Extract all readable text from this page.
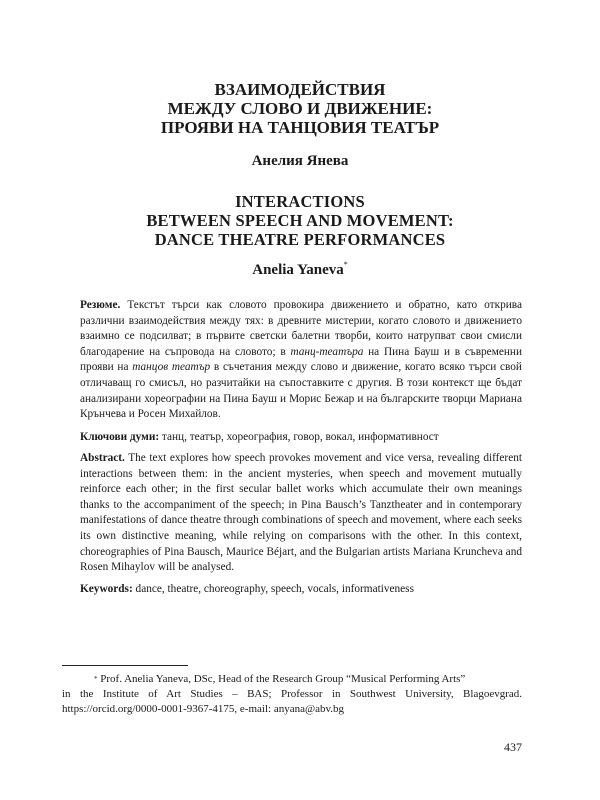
ВЗАИМОДЕЙСТВИЯ
МЕЖДУ СЛОВО И ДВИЖЕНИЕ:
ПРОЯВИ НА ТАНЦОВИЯ ТЕАТЪР
Анелия Янева
INTERACTIONS
BETWEEN SPEECH AND MOVEMENT:
DANCE THEATRE PERFORMANCES
Anelia Yaneva*
Резюме. Текстът търси как словото провокира движението и обратно, като открива различни взаимодействия между тях: в древните мистерии, когато словото и движението взаимно се подсилват; в първите светски балетни творби, които натрупват свои смисли благодарение на съпровода на словото; в танц-театъра на Пина Бауш и в съвременни прояви на танцов театър в съчетания между слово и движение, когато всяко търси свой отличаващ го смисъл, но разчитайки на съпоставките с другия. В този контекст ще бъдат анализирани хореографии на Пина Бауш и Морис Бежар и на българските творци Мариана Крънчева и Росен Михайлов.
Ключови думи: танц, театър, хореография, говор, вокал, информативност
Abstract. The text explores how speech provokes movement and vice versa, revealing different interactions between them: in the ancient mysteries, when speech and movement mutually reinforce each other; in the first secular ballet works which accumulate their own meanings thanks to the accompaniment of the speech; in Pina Bausch’s Tanztheater and in contemporary manifestations of dance theatre through combinations of speech and movement, where each seeks its own distinctive meaning, while relying on comparisons with the other. In this context, choreographies of Pina Bausch, Maurice Béjart, and the Bulgarian artists Mariana Kruncheva and Rosen Mihaylov will be analysed.
Keywords: dance, theatre, choreography, speech, vocals, informativeness
* Prof. Anelia Yaneva, DSc, Head of the Research Group “Musical Performing Arts”
in the Institute of Art Studies – BAS; Professor in Southwest University, Blagoevgrad. https://orcid.org/0000-0001-9367-4175, e-mail: anyana@abv.bg
437
